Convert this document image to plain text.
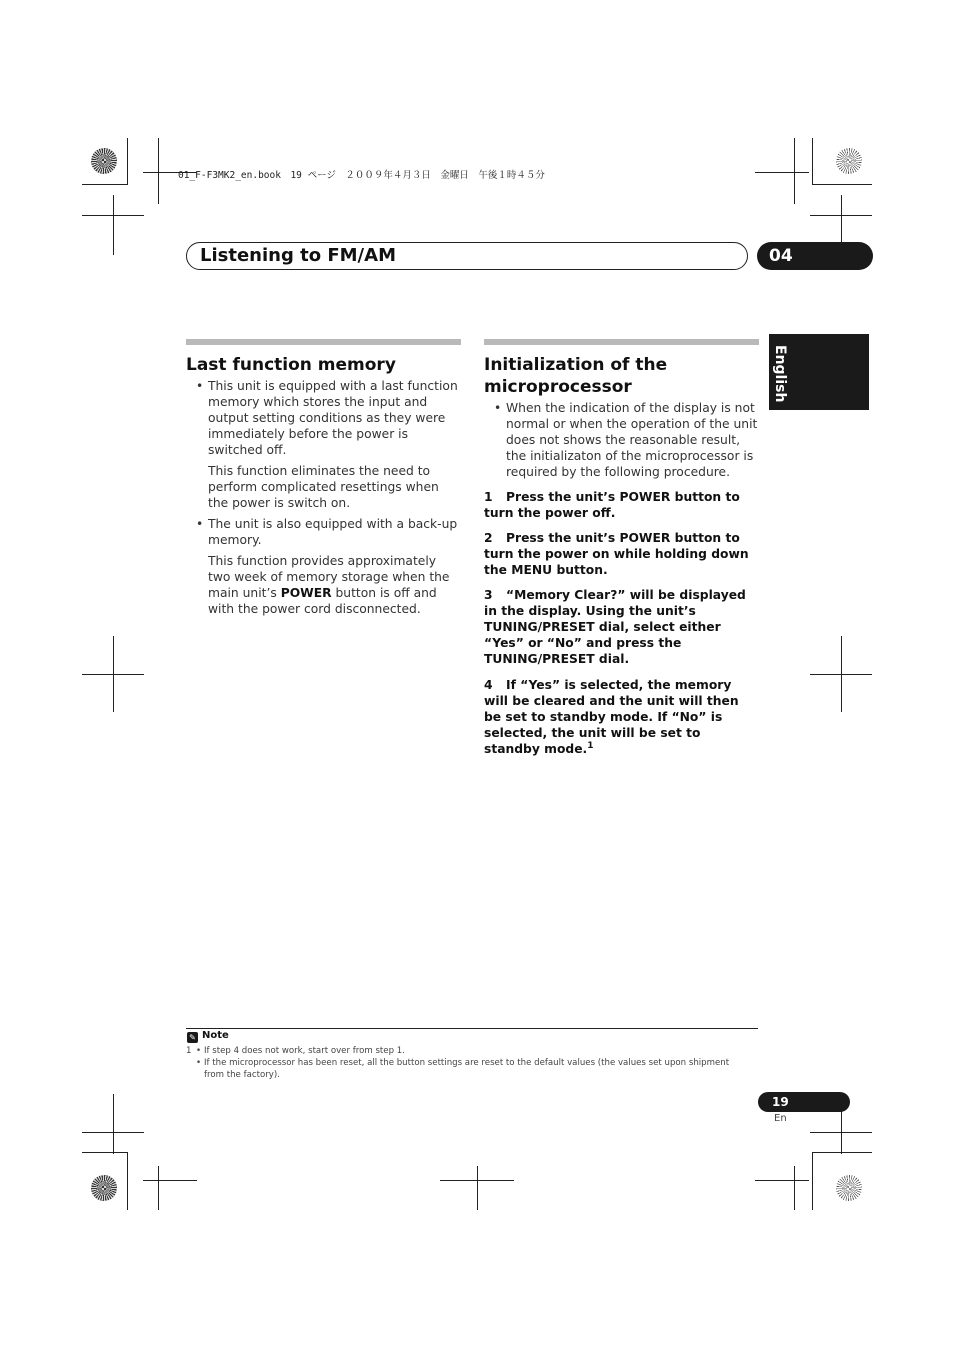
01_F-F3MK2_en.book　19 ページ　２００９年４月３日　金曜日　午後１時４５分
Listening to FM/AM	04
English
Last function memory
• This unit is equipped with a last function memory which stores the input and output setting conditions as they were immediately before the power is switched off.
This function eliminates the need to perform complicated resettings when the power is switch on.
• The unit is also equipped with a back-up memory.
This function provides approximately two week of memory storage when the main unit’s POWER button is off and with the power cord disconnected.
Initialization of the
microprocessor
• When the indication of the display is not normal or when the operation of the unit does not shows the reasonable result, the initializaton of the microprocessor is required by the following procedure.
1 Press the unit’s POWER button to turn the power off.
2 Press the unit’s POWER button to turn the power on while holding down the MENU button.
3 “Memory Clear?” will be displayed in the display. Using the unit’s TUNING/PRESET dial, select either “Yes” or “No” and press the TUNING/PRESET dial.
4 If “Yes” is selected, the memory will be cleared and the unit will then be set to standby mode. If “No” is selected, the unit will be set to standby mode.$^1$
✎ Note
1 • If step 4 does not work, start over from step 1.
• If the microprocessor has been reset, all the button settings are reset to the default values (the values set upon shipment
from the factory).
19
En
